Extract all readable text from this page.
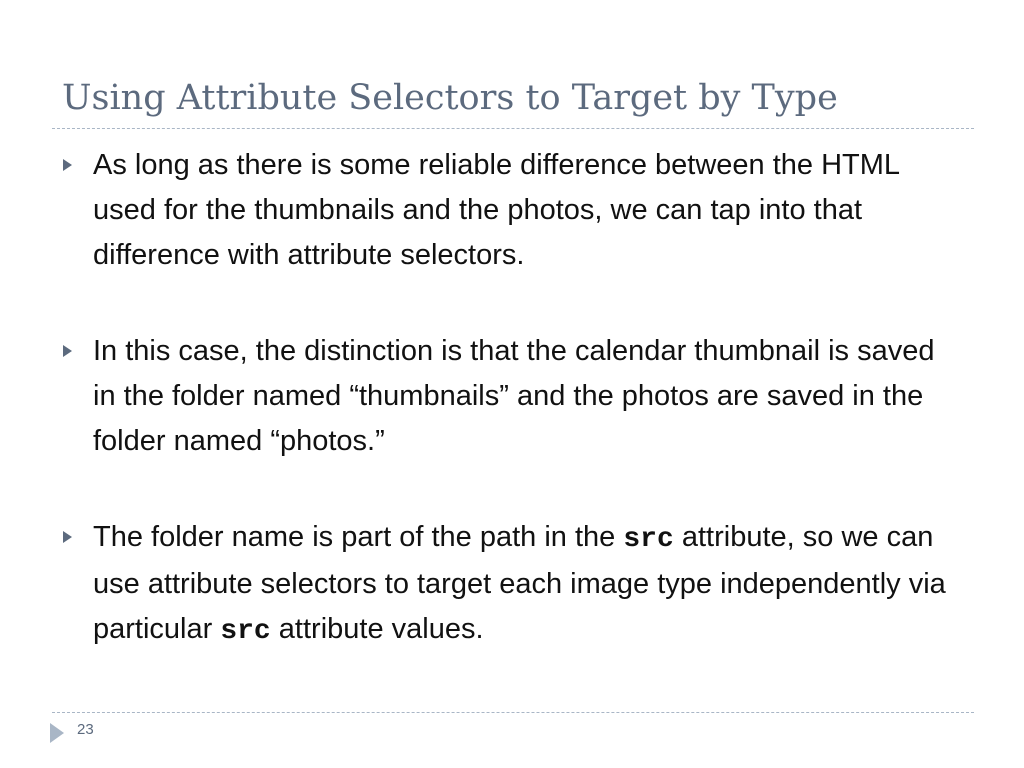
Using Attribute Selectors to Target by Type
As long as there is some reliable difference between the HTML used for the thumbnails and the photos, we can tap into that difference with attribute selectors.
In this case, the distinction is that the calendar thumbnail is saved in the folder named “thumbnails” and the photos are saved in the folder named “photos.”
The folder name is part of the path in the src attribute, so we can use attribute selectors to target each image type independently via particular src attribute values.
23
